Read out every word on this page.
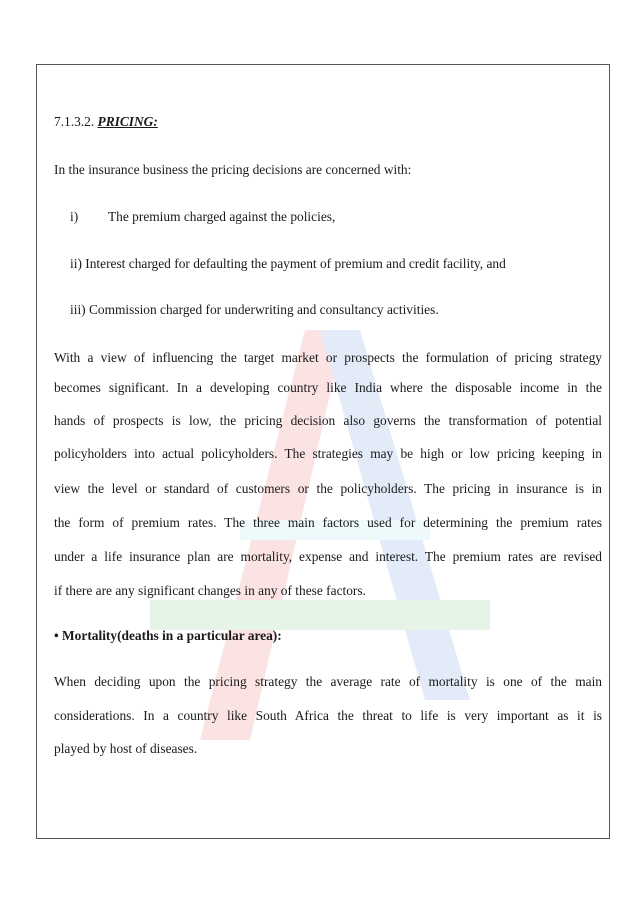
7.1.3.2. PRICING:
In the insurance business the pricing decisions are concerned with:
i) The premium charged against the policies,
ii) Interest charged for defaulting the payment of premium and credit facility, and
iii) Commission charged for underwriting and consultancy activities.
With a view of influencing the target market or prospects the formulation of pricing strategy
becomes significant. In a developing country like India where the disposable income in the
hands of prospects is low, the pricing decision also governs the transformation of potential
policyholders into actual policyholders. The strategies may be high or low pricing keeping in
view the level or standard of customers or the policyholders. The pricing in insurance is in
the form of premium rates. The three main factors used for determining the premium rates
under a life insurance plan are mortality, expense and interest. The premium rates are revised
if there are any significant changes in any of these factors.
• Mortality(deaths in a particular area):
When deciding upon the pricing strategy the average rate of mortality is one of the main
considerations. In a country like South Africa the threat to life is very important as it is
played by host of diseases.
